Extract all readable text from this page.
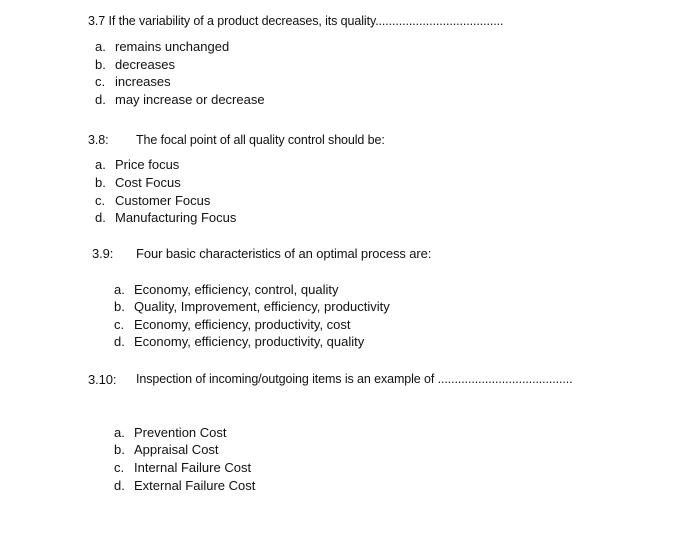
3.7 If the variability of a product decreases, its quality......................................
a. remains unchanged
b. decreases
c. increases
d. may increase or decrease
3.8: The focal point of all quality control should be:
a. Price focus
b. Cost Focus
c. Customer Focus
d. Manufacturing Focus
3.9: Four basic characteristics of an optimal process are:
a. Economy, efficiency, control, quality
b. Quality, Improvement, efficiency, productivity
c. Economy, efficiency, productivity, cost
d. Economy, efficiency, productivity, quality
3.10: Inspection of incoming/outgoing items is an example of ........................................
a. Prevention Cost
b. Appraisal Cost
c. Internal Failure Cost
d. External Failure Cost
